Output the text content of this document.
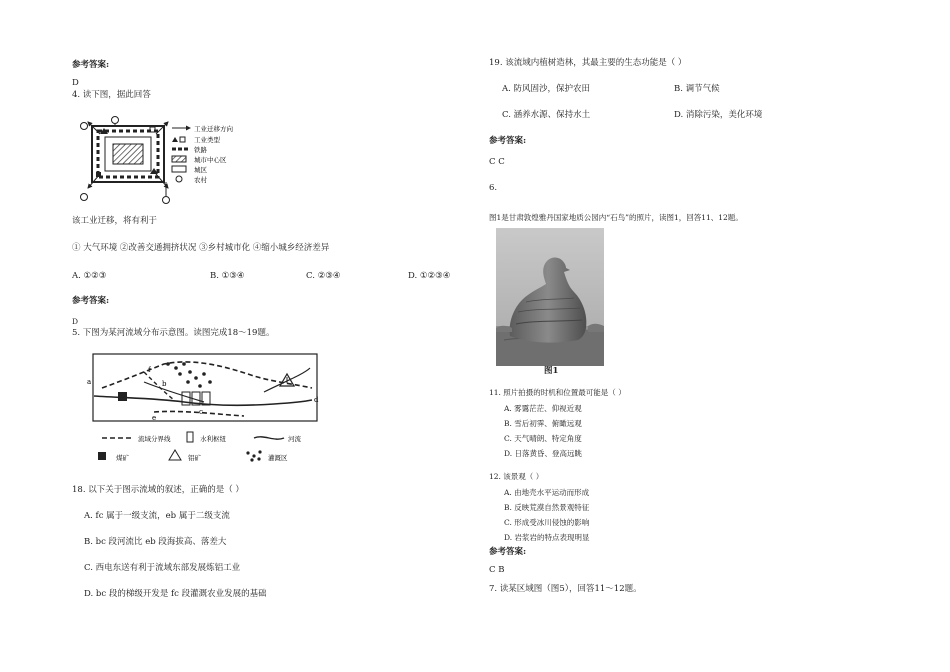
参考答案:
D
4. 读下图，据此回答
工业迁移方向
工业类型
铁路
城市中心区
城区
农村
该工业迁移，将有利于
① 大气环境 ②改善交通拥挤状况 ③乡村城市化 ④缩小城乡经济差异
A. ①②③	B. ①③④	C. ②③④	D. ①②③④
参考答案:
D
5. 下图为某河流域分布示意图。读图完成18～19题。
a	b
c
d
e
f
流域分界线	水利枢纽	河流
煤矿	铝矿	灌溉区
18. 以下关于图示流域的叙述，正确的是（ ）
A. fc 属于一级支流，eb 属于二级支流
B. bc 段河流比 eb 段海拔高、落差大
C. 西电东送有利于流域东部发展炼铝工业
D. bc 段的梯级开发是 fc 段灌溉农业发展的基础
19. 该流域内植树造林，其最主要的生态功能是（ ）
A. 防风固沙，保护农田	B. 调节气候
C. 涵养水源、保持水土	D. 消除污染，美化环境
参考答案:
C C
6.
图1是甘肃敦煌雅丹国家地质公园内“石鸟”的照片，读图1，回答11、12题。
图1
11. 照片拍摄的时机和位置最可能是（ ）
A. 雾霭茫茫、仰视近观
B. 雪后初霁、俯瞰远观
C. 天气晴朗、特定角度
D. 日落黄昏、登高远眺
12. 该景观（ ）
A. 由地壳水平运动而形成
B. 反映荒漠自然景观特征
C. 形成受冰川侵蚀的影响
D. 岩浆岩的特点表现明显
参考答案:
C B
7. 读某区域图（图5），回答11～12题。
